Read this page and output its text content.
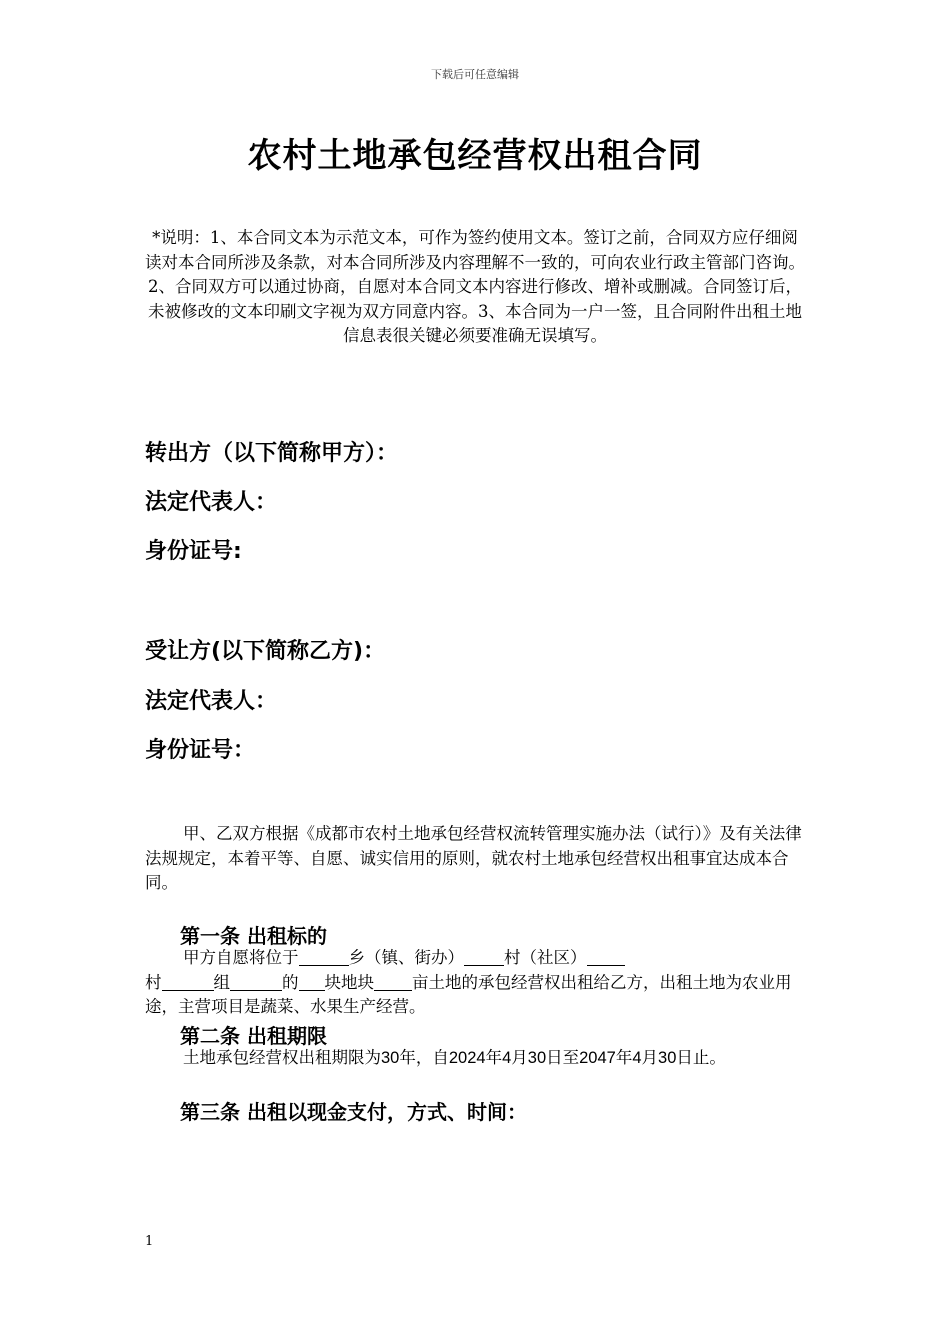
下载后可任意编辑
农村土地承包经营权出租合同
*说明：1、本合同文本为示范文本，可作为签约使用文本。签订之前，合同双方应仔细阅读对本合同所涉及条款，对本合同所涉及内容理解不一致的，可向农业行政主管部门咨询。2、合同双方可以通过协商，自愿对本合同文本内容进行修改、增补或删减。合同签订后，未被修改的文本印刷文字视为双方同意内容。3、本合同为一户一签，且合同附件出租土地信息表很关键必须要准确无误填写。
转出方（以下简称甲方）：
法定代表人：
身份证号:
受让方(以下简称乙方)：
法定代表人：
身份证号：
甲、乙双方根据《成都市农村土地承包经营权流转管理实施办法（试行）》及有关法律法规规定，本着平等、自愿、诚实信用的原则，就农村土地承包经营权出租事宜达成本合同。
第一条 出租标的
甲方自愿将位于	乡（镇、街办） 村（社区）
村	组	的 块地块 亩土地的承包经营权出租给乙方，出租土地为农业用途，主营项目是蔬菜、水果生产经营。
第二条 出租期限
土地承包经营权出租期限为30年，自2024年4月30日至2047年4月30日止。
第三条 出租以现金支付，方式、时间：
1
